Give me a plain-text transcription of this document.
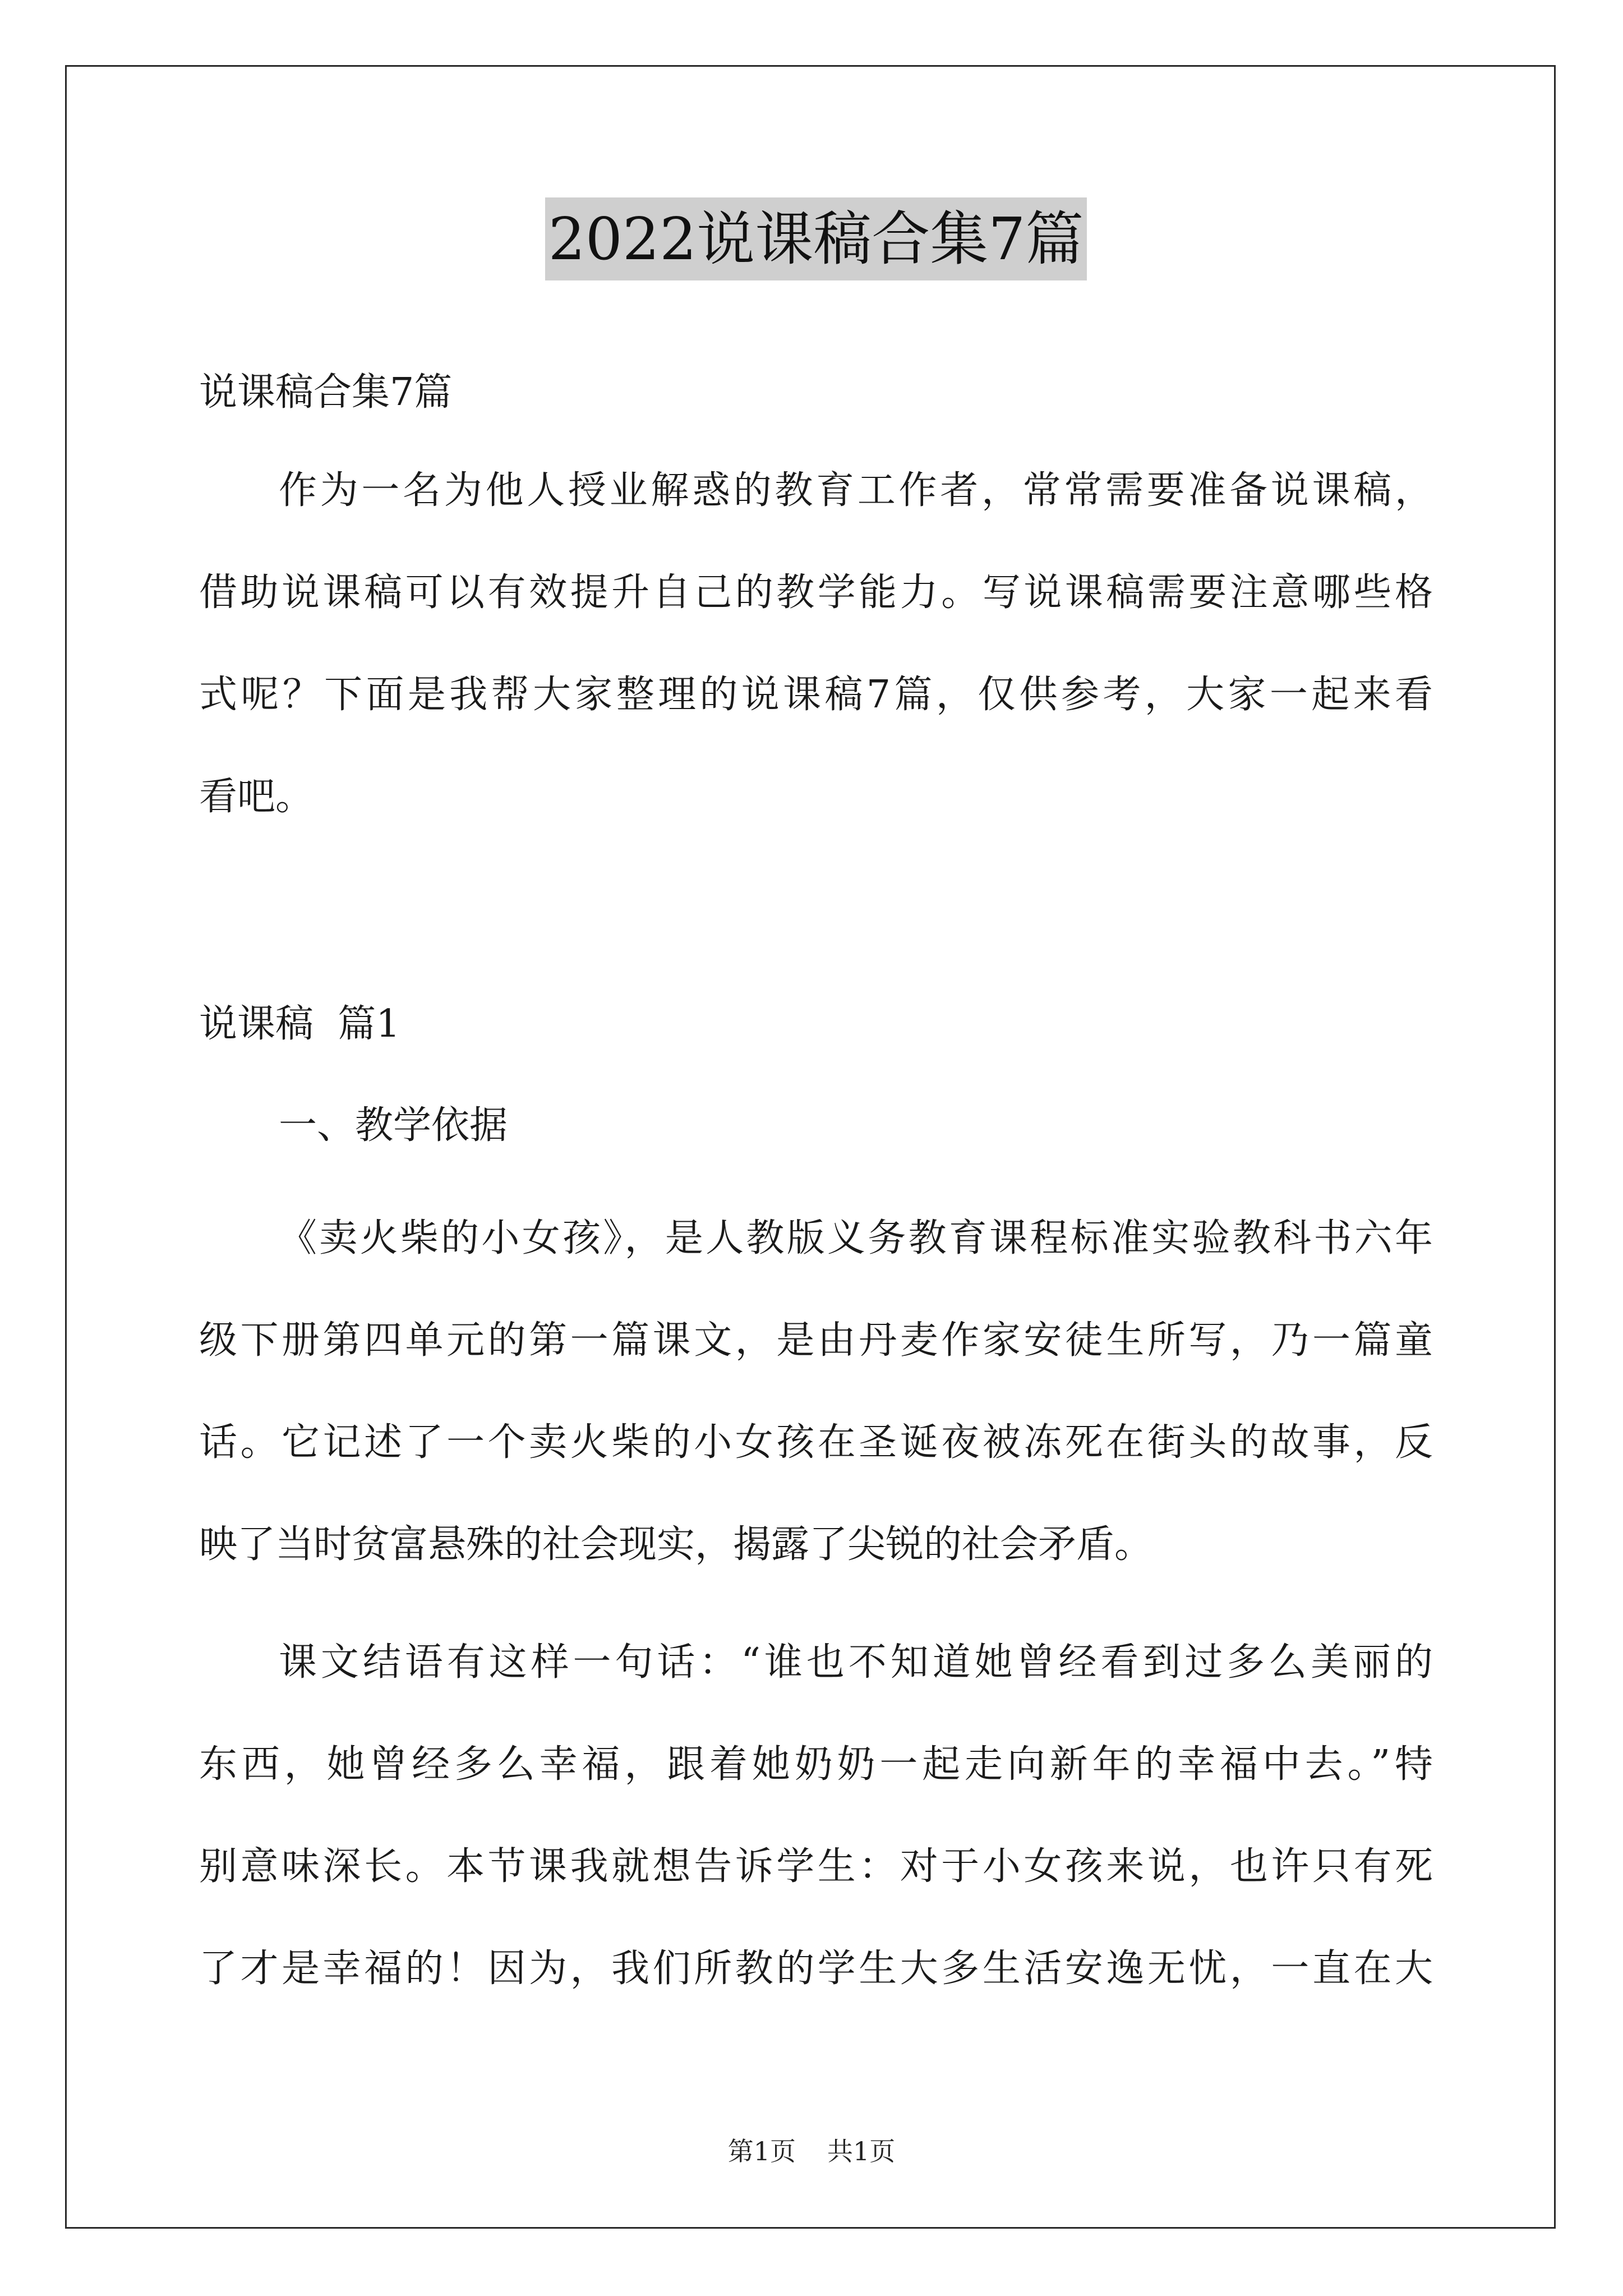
2022说课稿合集7篇
说课稿合集7篇
作为一名为他人授业解惑的教育工作者，常常需要准备说课稿，
借助说课稿可以有效提升自己的教学能力。写说课稿需要注意哪些格
式呢？下面是我帮大家整理的说课稿7篇，仅供参考，大家一起来看
看吧。
说课稿  篇1
一、教学依据
《卖火柴的小女孩》，是人教版义务教育课程标准实验教科书六年
级下册第四单元的第一篇课文，是由丹麦作家安徒生所写，乃一篇童
话。它记述了一个卖火柴的小女孩在圣诞夜被冻死在街头的故事，反
映了当时贫富悬殊的社会现实，揭露了尖锐的社会矛盾。
课文结语有这样一句话：“谁也不知道她曾经看到过多么美丽的
东西，她曾经多么幸福，跟着她奶奶一起走向新年的幸福中去。”特
别意味深长。本节课我就想告诉学生：对于小女孩来说，也许只有死
了才是幸福的！因为，我们所教的学生大多生活安逸无忧，一直在大
第1页 共1页
